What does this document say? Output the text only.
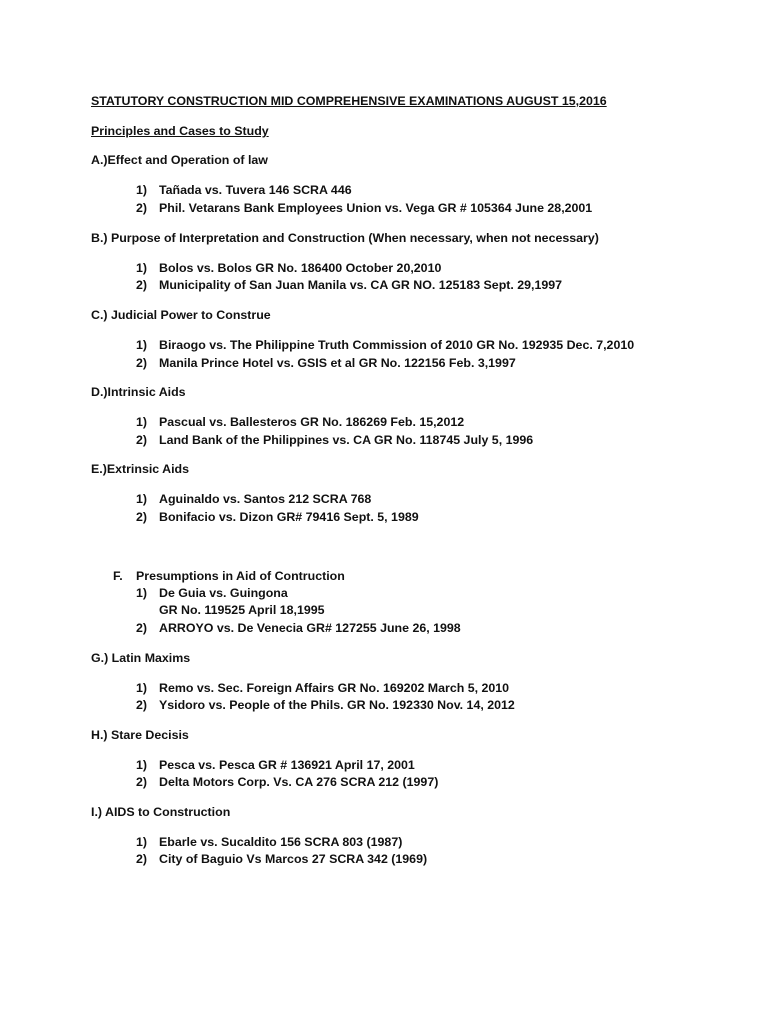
STATUTORY CONSTRUCTION MID COMPREHENSIVE EXAMINATIONS AUGUST 15,2016
Principles and Cases to Study
A.)Effect and Operation of law
1) Tañada vs. Tuvera 146 SCRA 446
2) Phil. Vetarans Bank Employees Union vs. Vega GR # 105364 June 28,2001
B.) Purpose of Interpretation and Construction (When necessary, when not necessary)
1) Bolos vs. Bolos GR No. 186400 October 20,2010
2) Municipality of San Juan Manila vs. CA GR NO. 125183 Sept. 29,1997
C.) Judicial Power to Construe
1) Biraogo vs. The Philippine Truth Commission of 2010 GR No. 192935 Dec. 7,2010
2) Manila Prince Hotel vs. GSIS et al GR No. 122156 Feb. 3,1997
D.)Intrinsic Aids
1) Pascual vs. Ballesteros GR No. 186269 Feb. 15,2012
2) Land Bank of the Philippines vs. CA GR No. 118745 July 5, 1996
E.)Extrinsic Aids
1) Aguinaldo vs. Santos 212 SCRA 768
2) Bonifacio vs. Dizon GR# 79416 Sept. 5, 1989
F. Presumptions in Aid of Contruction
1) De Guia vs. Guingona
GR No. 119525 April 18,1995
2) ARROYO vs. De Venecia GR# 127255 June 26, 1998
G.) Latin Maxims
1) Remo vs. Sec. Foreign Affairs GR No. 169202 March 5, 2010
2) Ysidoro vs. People of the Phils. GR No. 192330 Nov. 14, 2012
H.) Stare Decisis
1) Pesca vs. Pesca GR # 136921 April 17, 2001
2) Delta Motors Corp. Vs. CA 276 SCRA 212 (1997)
I.) AIDS to Construction
1) Ebarle vs. Sucaldito 156 SCRA 803 (1987)
2) City of Baguio Vs Marcos 27 SCRA 342 (1969)
